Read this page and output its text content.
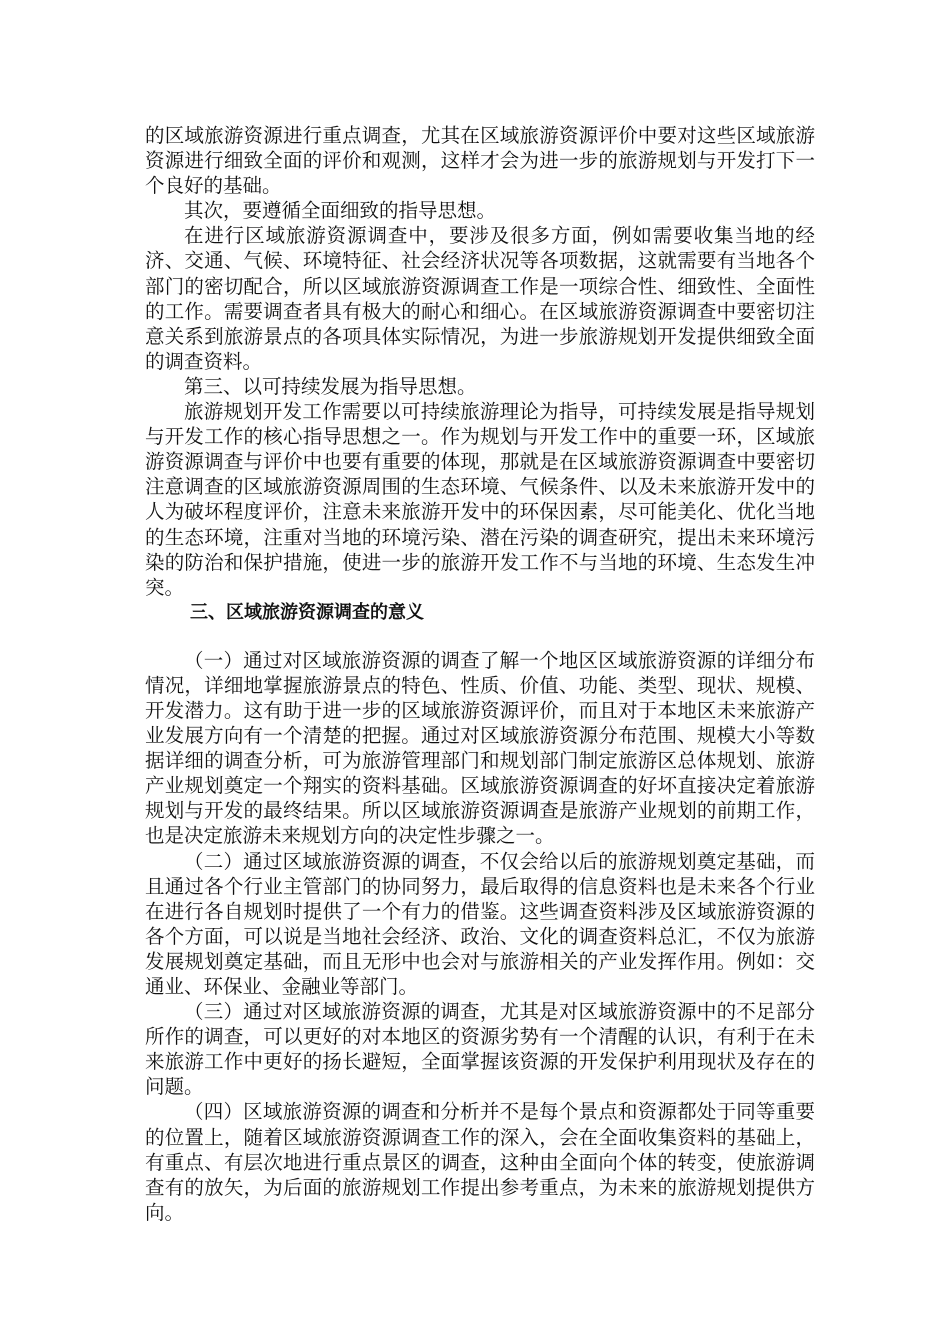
的区域旅游资源进行重点调查，尤其在区域旅游资源评价中要对这些区域旅游资源进行细致全面的评价和观测，这样才会为进一步的旅游规划与开发打下一个良好的基础。

其次，要遵循全面细致的指导思想。

在进行区域旅游资源调查中，要涉及很多方面，例如需要收集当地的经济、交通、气候、环境特征、社会经济状况等各项数据，这就需要有当地各个部门的密切配合，所以区域旅游资源调查工作是一项综合性、细致性、全面性的工作。需要调查者具有极大的耐心和细心。在区域旅游资源调查中要密切注意关系到旅游景点的各项具体实际情况，为进一步旅游规划开发提供细致全面的调查资料。

第三、以可持续发展为指导思想。

旅游规划开发工作需要以可持续旅游理论为指导，可持续发展是指导规划与开发工作的核心指导思想之一。作为规划与开发工作中的重要一环，区域旅游资源调查与评价中也要有重要的体现，那就是在区域旅游资源调查中要密切注意调查的区域旅游资源周围的生态环境、气候条件、以及未来旅游开发中的人为破坏程度评价，注意未来旅游开发中的环保因素，尽可能美化、优化当地的生态环境，注重对当地的环境污染、潜在污染的调查研究，提出未来环境污染的防治和保护措施，使进一步的旅游开发工作不与当地的环境、生态发生冲突。

三、区域旅游资源调查的意义

（一）通过对区域旅游资源的调查了解一个地区区域旅游资源的详细分布情况，详细地掌握旅游景点的特色、性质、价值、功能、类型、现状、规模、开发潜力。这有助于进一步的区域旅游资源评价，而且对于本地区未来旅游产业发展方向有一个清楚的把握。通过对区域旅游资源分布范围、规模大小等数据详细的调查分析，可为旅游管理部门和规划部门制定旅游区总体规划、旅游产业规划奠定一个翔实的资料基础。区域旅游资源调查的好坏直接决定着旅游规划与开发的最终结果。所以区域旅游资源调查是旅游产业规划的前期工作，也是决定旅游未来规划方向的决定性步骤之一。

（二）通过区域旅游资源的调查，不仅会给以后的旅游规划奠定基础，而且通过各个行业主管部门的协同努力，最后取得的信息资料也是未来各个行业在进行各自规划时提供了一个有力的借鉴。这些调查资料涉及区域旅游资源的各个方面，可以说是当地社会经济、政治、文化的调查资料总汇，不仅为旅游发展规划奠定基础，而且无形中也会对与旅游相关的产业发挥作用。例如：交通业、环保业、金融业等部门。

（三）通过对区域旅游资源的调查，尤其是对区域旅游资源中的不足部分所作的调查，可以更好的对本地区的资源劣势有一个清醒的认识，有利于在未来旅游工作中更好的扬长避短，全面掌握该资源的开发保护利用现状及存在的问题。

（四）区域旅游资源的调查和分析并不是每个景点和资源都处于同等重要的位置上，随着区域旅游资源调查工作的深入，会在全面收集资料的基础上，有重点、有层次地进行重点景区的调查，这种由全面向个体的转变，使旅游调查有的放矢，为后面的旅游规划工作提出参考重点，为未来的旅游规划提供方向。
